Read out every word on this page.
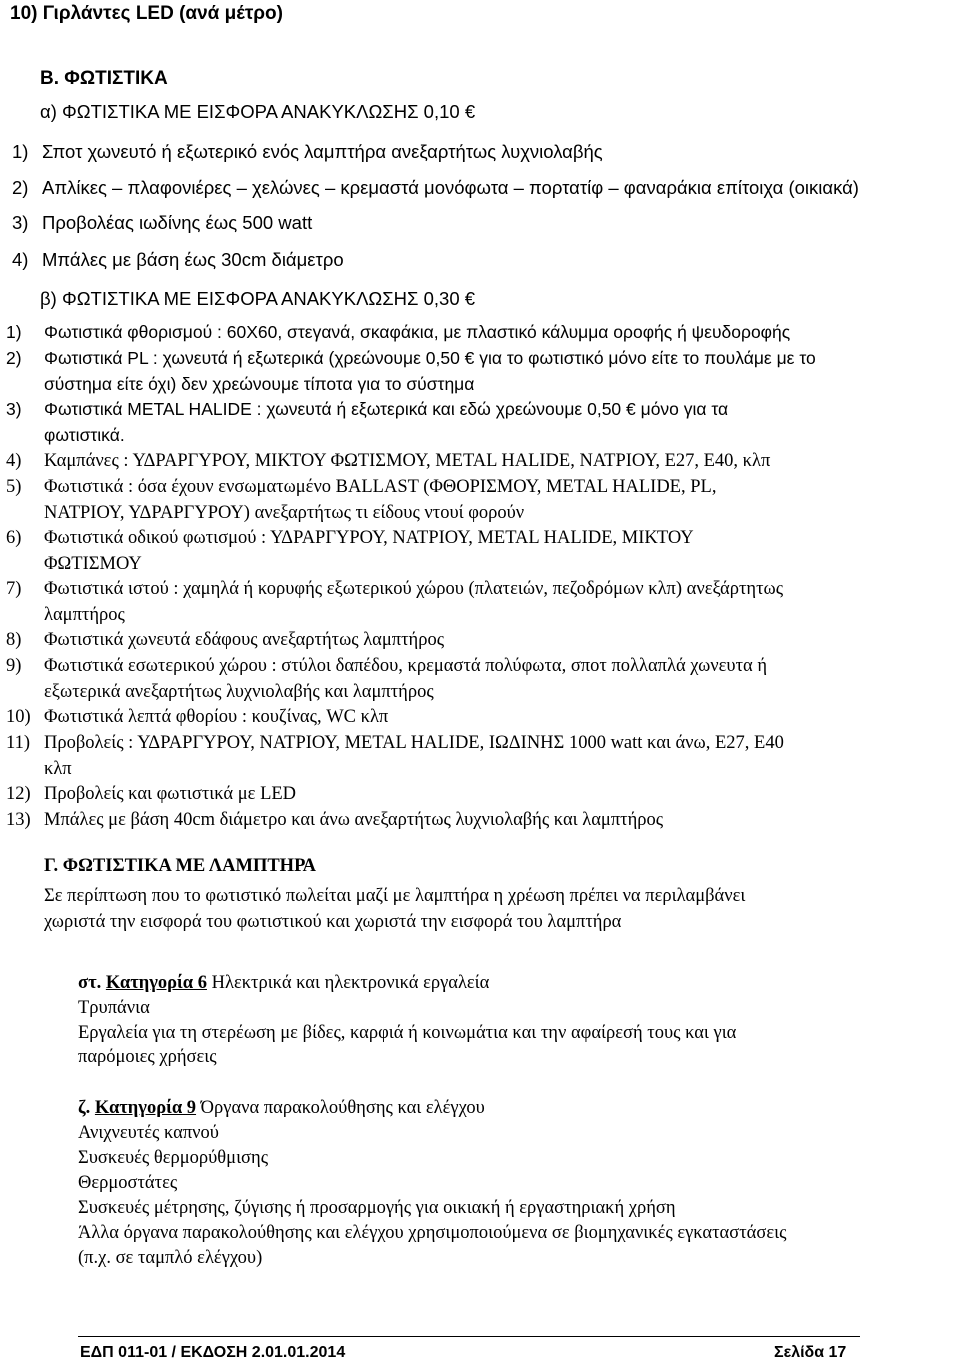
10) Γιρλάντες LED (ανά μέτρο)
Β. ΦΩΤΙΣΤΙΚΑ
α) ΦΩΤΙΣΤΙΚΑ ΜΕ ΕΙΣΦΟΡΑ ΑΝΑΚΥΚΛΩΣΗΣ 0,10 €
1) Σποτ χωνευτό ή εξωτερικό ενός λαμπτήρα ανεξαρτήτως λυχνιολαβής
2) Απλίκες – πλαφονιέρες – χελώνες – κρεμαστά μονόφωτα – πορτατίφ – φαναράκια επίτοιχα (οικιακά)
3) Προβολέας ιωδίνης έως 500 watt
4) Μπάλες με βάση έως 30cm διάμετρο
β) ΦΩΤΙΣΤΙΚΑ ΜΕ ΕΙΣΦΟΡΑ ΑΝΑΚΥΚΛΩΣΗΣ 0,30 €
1) Φωτιστικά φθορισμού : 60Χ60, στεγανά, σκαφάκια, με πλαστικό κάλυμμα οροφής ή ψευδοροφής
2) Φωτιστικά PL : χωνευτά ή εξωτερικά (χρεώνουμε 0,50 € για το φωτιστικό μόνο είτε το πουλάμε με το
σύστημα είτε όχι) δεν χρεώνουμε τίποτα για το σύστημα
3) Φωτιστικά METAL HALIDE : χωνευτά ή εξωτερικά και εδώ χρεώνουμε 0,50 € μόνο για τα
φωτιστικά.
4) Καμπάνες : ΥΔΡΑΡΓΥΡΟΥ, ΜΙΚΤΟΥ ΦΩΤΙΣΜΟΥ, METAL HALIDE, ΝΑΤΡΙΟΥ, Ε27, Ε40, κλπ
5) Φωτιστικά : όσα έχουν ενσωματωμένο BALLAST (ΦΘΟΡΙΣΜΟΥ, METAL HALIDE, PL,
ΝΑΤΡΙΟΥ, ΥΔΡΑΡΓΥΡΟΥ) ανεξαρτήτως τι είδους ντουί φορούν
6) Φωτιστικά οδικού φωτισμού : ΥΔΡΑΡΓΥΡΟΥ, ΝΑΤΡΙΟΥ, METAL HALIDE, ΜΙΚΤΟΥ
ΦΩΤΙΣΜΟΥ
7) Φωτιστικά ιστού : χαμηλά ή κορυφής εξωτερικού χώρου (πλατειών, πεζοδρόμων κλπ) ανεξάρτητως
λαμπτήρος
8) Φωτιστικά χωνευτά εδάφους ανεξαρτήτως λαμπτήρος
9) Φωτιστικά εσωτερικού χώρου : στύλοι δαπέδου, κρεμαστά πολύφωτα, σποτ πολλαπλά χωνευτα ή
εξωτερικά ανεξαρτήτως λυχνιολαβής και λαμπτήρος
10) Φωτιστικά λεπτά φθορίου : κουζίνας, WC κλπ
11) Προβολείς : ΥΔΡΑΡΓΥΡΟΥ, ΝΑΤΡΙΟΥ, METAL HALIDE, ΙΩΔΙΝΗΣ 1000 watt και άνω, Ε27, Ε40
κλπ
12) Προβολείς και φωτιστικά με LED
13) Μπάλες με βάση 40cm διάμετρο και άνω ανεξαρτήτως λυχνιολαβής και λαμπτήρος
Γ. ΦΩΤΙΣΤΙΚΑ ΜΕ ΛΑΜΠΤΗΡΑ
Σε περίπτωση που το φωτιστικό πωλείται μαζί με λαμπτήρα η χρέωση πρέπει να περιλαμβάνει
χωριστά την εισφορά του φωτιστικού και χωριστά την εισφορά του λαμπτήρα
στ. Κατηγορία 6 Ηλεκτρικά και ηλεκτρονικά εργαλεία
Τρυπάνια
Εργαλεία για τη στερέωση με βίδες, καρφιά ή κοινωμάτια και την αφαίρεσή τους και για
παρόμοιες χρήσεις
ζ. Κατηγορία 9 Όργανα παρακολούθησης και ελέγχου
Ανιχνευτές καπνού
Συσκευές θερμορύθμισης
Θερμοστάτες
Συσκευές μέτρησης, ζύγισης ή προσαρμογής για οικιακή ή εργαστηριακή χρήση
Άλλα όργανα παρακολούθησης και ελέγχου χρησιμοποιούμενα σε βιομηχανικές εγκαταστάσεις
(π.χ. σε ταμπλό ελέγχου)
ΕΔΠ 011-01 / ΕΚΔΟΣΗ 2.01.01.2014	Σελίδα 17
